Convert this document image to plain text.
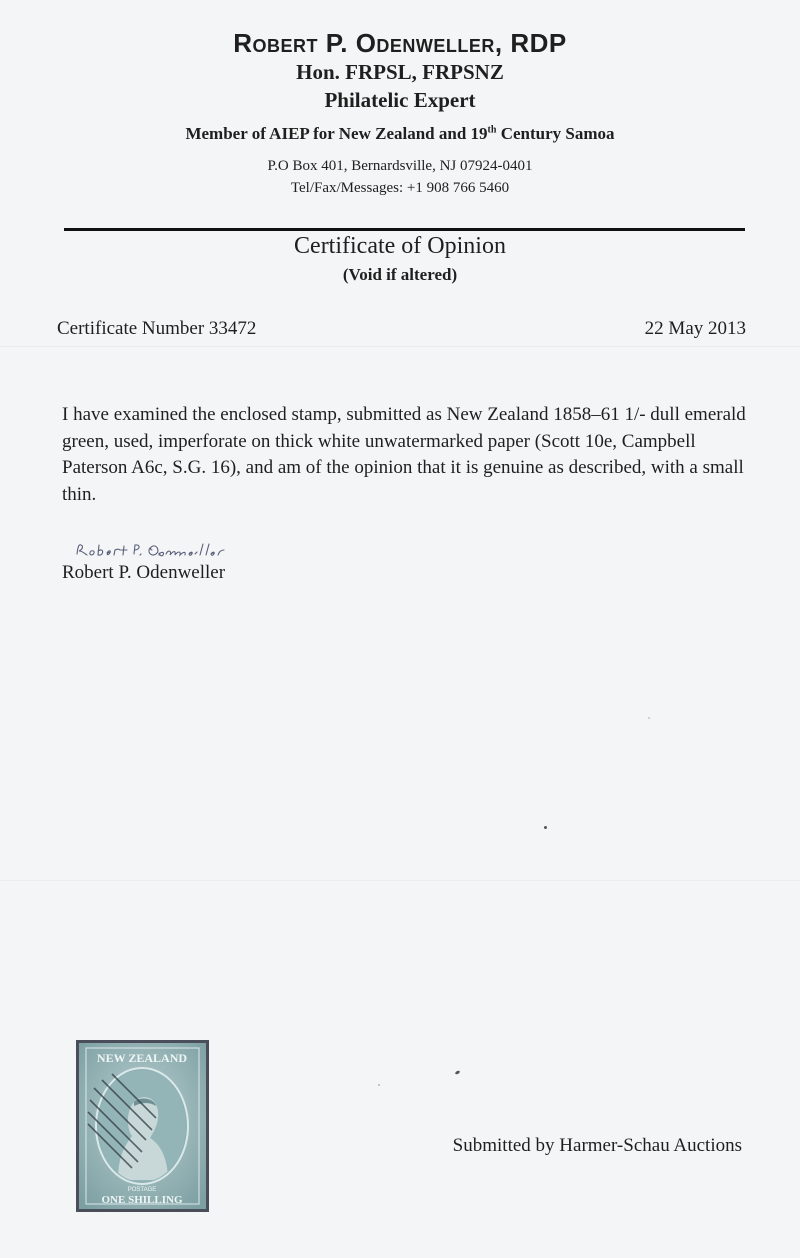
Robert P. Odenweller, RDP
Hon. FRPSL, FRPSNZ
Philatelic Expert
Member of AIEP for New Zealand and 19th Century Samoa
P.O Box 401, Bernardsville, NJ 07924-0401
Tel/Fax/Messages: +1 908 766 5460
Certificate of Opinion
(Void if altered)
Certificate Number 33472	22 May 2013

I have examined the enclosed stamp, submitted as New Zealand 1858–61 1/- dull emerald green, used, imperforate on thick white unwatermarked paper (Scott 10e, Campbell Paterson A6c, S.G. 16), and am of the opinion that it is genuine as described, with a small thin.

Robert P. Odenweller
NEW ZEALAND
POSTAGE
ONE SHILLING
Submitted by Harmer-Schau Auctions
